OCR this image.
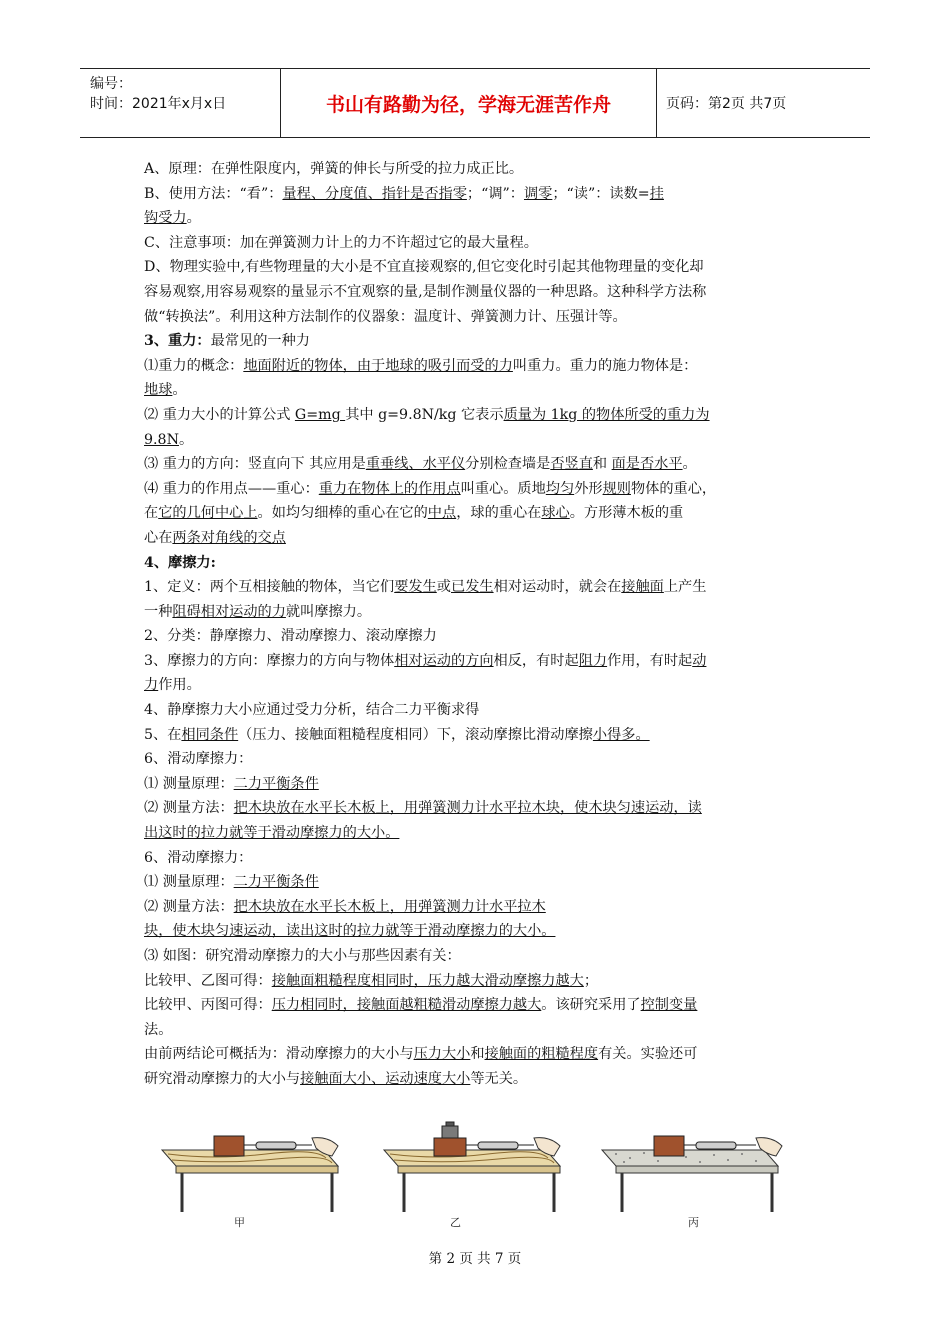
编号：
时间：2021年x月x日	书山有路勤为径，学海无涯苦作舟	页码：第2页 共7页

A、原理：在弹性限度内，弹簧的伸长与所受的拉力成正比。

B、使用方法：“看”：量程、分度值、指针是否指零；“调”：调零；“读”：读数=挂

钩受力。

C、注意事项：加在弹簧测力计上的力不许超过它的最大量程。

D、物理实验中,有些物理量的大小是不宜直接观察的,但它变化时引起其他物理量的变化却

容易观察,用容易观察的量显示不宜观察的量,是制作测量仪器的一种思路。这种科学方法称

做“转换法”。利用这种方法制作的仪器象：温度计、弹簧测力计、压强计等。

3、重力：最常见的一种力

⑴重力的概念：地面附近的物体，由于地球的吸引而受的力叫重力。重力的施力物体是：

地球。

⑵ 重力大小的计算公式 G=mg 其中 g=9.8N/kg 它表示质量为 1kg 的物体所受的重力为

9.8N。

⑶ 重力的方向：竖直向下 其应用是重垂线、水平仪分别检查墙是否竖直和 面是否水平。

⑷ 重力的作用点——重心：重力在物体上的作用点叫重心。质地均匀外形规则物体的重心，

在它的几何中心上。如均匀细棒的重心在它的中点，球的重心在球心。方形薄木板的重

心在两条对角线的交点

4、摩擦力:

1、定义：两个互相接触的物体，当它们要发生或已发生相对运动时，就会在接触面上产生

一种阻碍相对运动的力就叫摩擦力。

2、分类：静摩擦力、滑动摩擦力、滚动摩擦力

3、摩擦力的方向：摩擦力的方向与物体相对运动的方向相反，有时起阻力作用，有时起动

力作用。

4、静摩擦力大小应通过受力分析，结合二力平衡求得

5、在相同条件（压力、接触面粗糙程度相同）下，滚动摩擦比滑动摩擦小得多。

6、滑动摩擦力：

⑴ 测量原理：二力平衡条件

⑵ 测量方法：把木块放在水平长木板上，用弹簧测力计水平拉木块，使木块匀速运动，读

出这时的拉力就等于滑动摩擦力的大小。

6、滑动摩擦力：

⑴ 测量原理：二力平衡条件

⑵ 测量方法：把木块放在水平长木板上，用弹簧测力计水平拉木

块，使木块匀速运动，读出这时的拉力就等于滑动摩擦力的大小。

⑶ 如图：研究滑动摩擦力的大小与那些因素有关：

比较甲、乙图可得：接触面粗糙程度相同时，压力越大滑动摩擦力越大；

比较甲、丙图可得：压力相同时，接触面越粗糙滑动摩擦力越大。该研究采用了控制变量

法。

由前两结论可概括为：滑动摩擦力的大小与压力大小和接触面的粗糙程度有关。实验还可

研究滑动摩擦力的大小与接触面大小、运动速度大小等无关。

甲	乙	丙
第 2 页 共 7 页
